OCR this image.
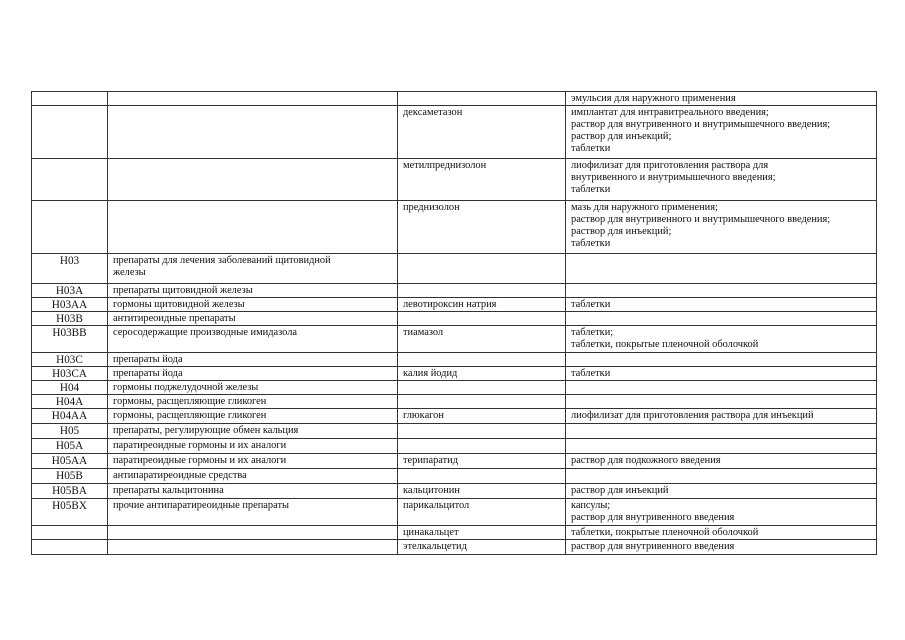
			эмульсия для наружного применения
		дексаметазон	имплантат для интравитреального введения;
раствор для внутривенного и внутримышечного введения;
раствор для инъекций;
таблетки
		метилпреднизолон	лиофилизат для приготовления раствора для
внутривенного и внутримышечного введения;
таблетки
		преднизолон	мазь для наружного применения;
раствор для внутривенного и внутримышечного введения;
раствор для инъекций;
таблетки
H03	препараты для лечения заболеваний щитовидной
железы		
H03A	препараты щитовидной железы		
H03AA	гормоны щитовидной железы	левотироксин натрия	таблетки
H03B	антитиреоидные препараты		
H03BB	серосодержащие производные имидазола	тиамазол	таблетки;
таблетки, покрытые пленочной оболочкой
H03C	препараты йода		
H03CA	препараты йода	калия йодид	таблетки
H04	гормоны поджелудочной железы		
H04A	гормоны, расщепляющие гликоген		
H04AA	гормоны, расщепляющие гликоген	глюкагон	лиофилизат для приготовления раствора для инъекций
H05	препараты, регулирующие обмен кальция		
H05A	паратиреоидные гормоны и их аналоги		
H05AA	паратиреоидные гормоны и их аналоги	терипаратид	раствор для подкожного введения
H05B	антипаратиреоидные средства		
H05BA	препараты кальцитонина	кальцитонин	раствор для инъекций
H05BX	прочие антипаратиреоидные препараты	парикальцитол	капсулы;
раствор для внутривенного введения
		цинакальцет	таблетки, покрытые пленочной оболочкой
		этелкальцетид	раствор для внутривенного введения
